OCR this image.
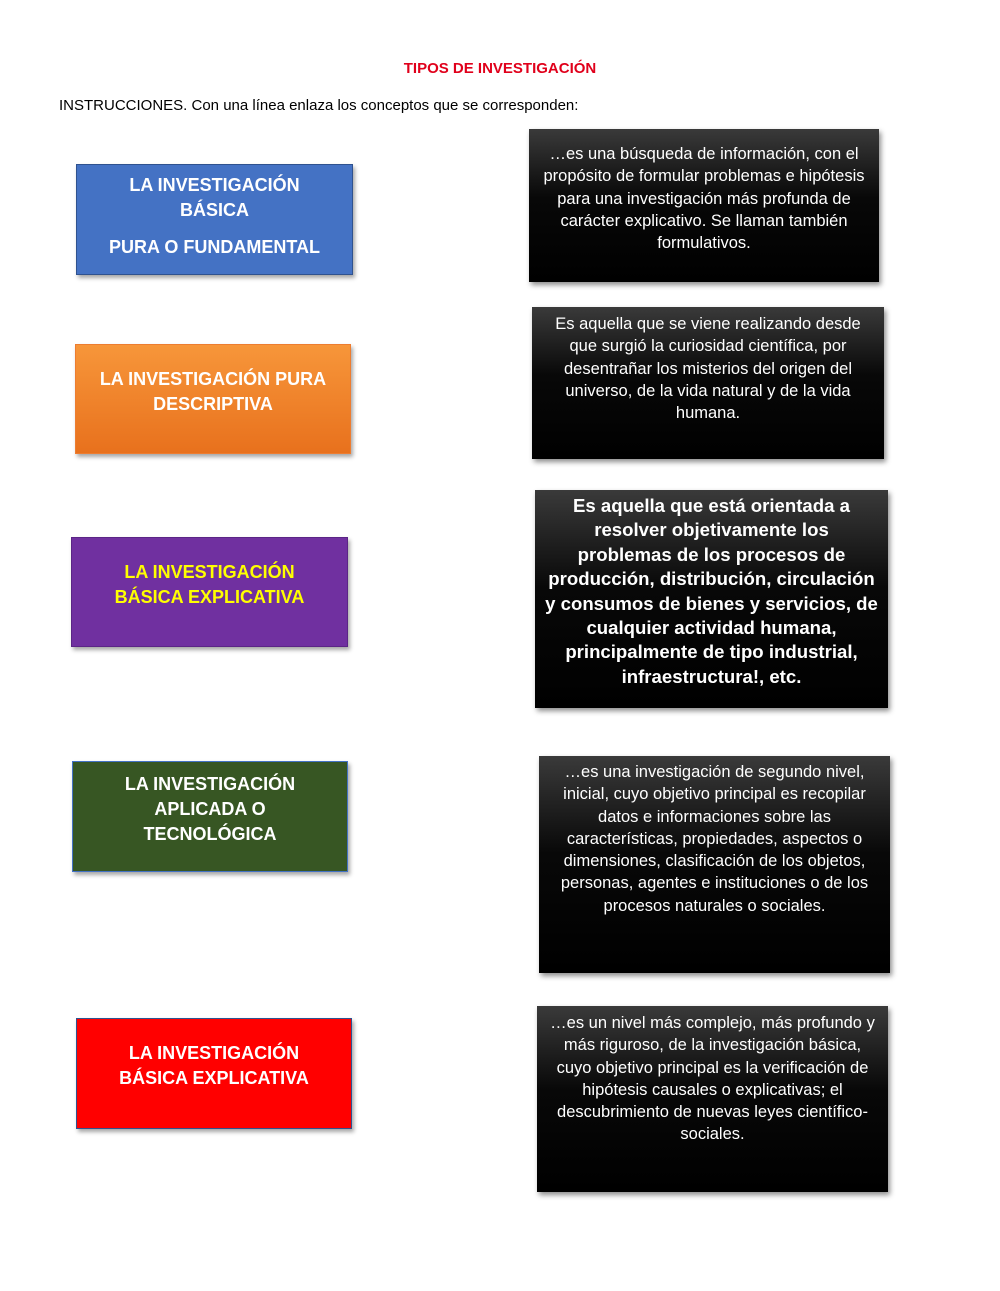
TIPOS DE INVESTIGACIÓN
INSTRUCCIONES. Con una línea enlaza los conceptos que se corresponden:
LA INVESTIGACIÓN
BÁSICA
PURA O FUNDAMENTAL
LA INVESTIGACIÓN PURA
DESCRIPTIVA
LA INVESTIGACIÓN
BÁSICA EXPLICATIVA
LA INVESTIGACIÓN
APLICADA O
TECNOLÓGICA
LA INVESTIGACIÓN
BÁSICA EXPLICATIVA
…es una búsqueda de información, con el propósito de formular problemas e hipótesis para una investigación más profunda de carácter explicativo. Se llaman también formulativos.
Es aquella que se viene realizando desde que surgió la curiosidad científica, por desentrañar los misterios del origen del universo, de la vida natural y de la vida humana.
Es aquella que está orientada a resolver objetivamente los problemas de los procesos de producción, distribución, circulación y consumos de bienes y servicios, de cualquier actividad humana, principalmente de tipo industrial, infraestructura!, etc.
…es una investigación de segundo nivel, inicial, cuyo objetivo principal es recopilar datos e informaciones sobre las características, propiedades, aspectos o dimensiones, clasificación de los objetos, personas, agentes e instituciones o de los procesos naturales o sociales.
…es un nivel más complejo, más profundo y más riguroso, de la investigación básica, cuyo objetivo principal es la verificación de hipótesis causales o explicativas; el descubrimiento de nuevas leyes científico- sociales.
